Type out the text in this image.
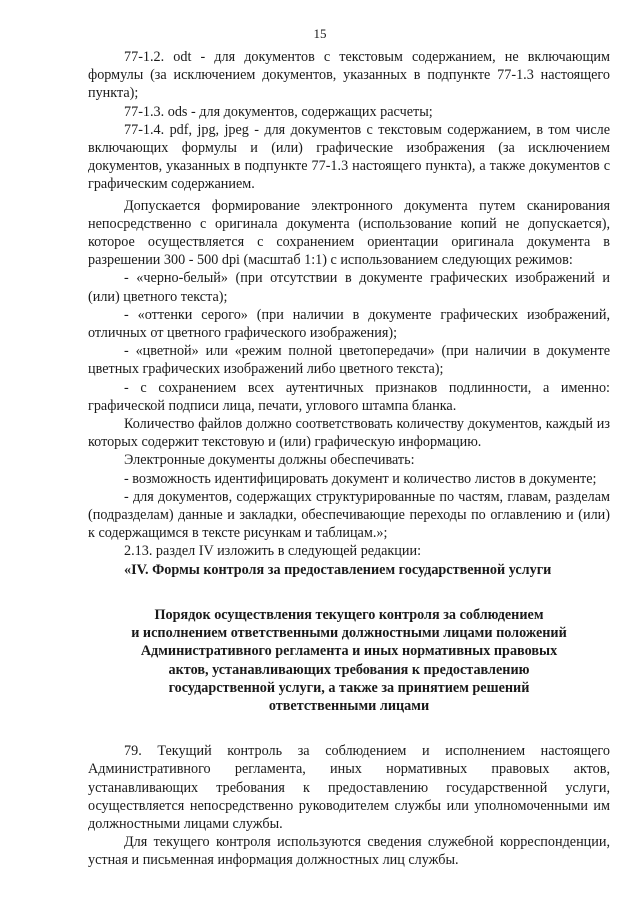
15

77-1.2. odt - для документов с текстовым содержанием, не включающим формулы (за исключением документов, указанных в подпункте 77-1.3 настоящего пункта);

77-1.3. ods - для документов, содержащих расчеты;

77-1.4. pdf, jpg, jpeg - для документов с текстовым содержанием, в том числе включающих формулы и (или) графические изображения (за исключением документов, указанных в подпункте 77-1.3 настоящего пункта), а также документов с графическим содержанием.

Допускается формирование электронного документа путем сканирования непосредственно с оригинала документа (использование копий не допускается), которое осуществляется с сохранением ориентации оригинала документа в разрешении 300 - 500 dpi (масштаб 1:1) с использованием следующих режимов:

- «черно-белый» (при отсутствии в документе графических изображений и (или) цветного текста);

- «оттенки серого» (при наличии в документе графических изображений, отличных от цветного графического изображения);

- «цветной» или «режим полной цветопередачи» (при наличии в документе цветных графических изображений либо цветного текста);

- с сохранением всех аутентичных признаков подлинности, а именно: графической подписи лица, печати, углового штампа бланка.

Количество файлов должно соответствовать количеству документов, каждый из которых содержит текстовую и (или) графическую информацию.

Электронные документы должны обеспечивать:

- возможность идентифицировать документ и количество листов в документе;

- для документов, содержащих структурированные по частям, главам, разделам (подразделам) данные и закладки, обеспечивающие переходы по оглавлению и (или) к содержащимся в тексте рисункам и таблицам.»;

2.13. раздел IV изложить в следующей редакции:

«IV. Формы контроля за предоставлением государственной услуги

Порядок осуществления текущего контроля за соблюдением
и исполнением ответственными должностными лицами положений
Административного регламента и иных нормативных правовых
актов, устанавливающих требования к предоставлению
государственной услуги, а также за принятием решений
ответственными лицами

79. Текущий контроль за соблюдением и исполнением настоящего Административного регламента, иных нормативных правовых актов, устанавливающих требования к предоставлению государственной услуги, осуществляется непосредственно руководителем службы или уполномоченными им должностными лицами службы.

Для текущего контроля используются сведения служебной корреспонденции, устная и письменная информация должностных лиц службы.
